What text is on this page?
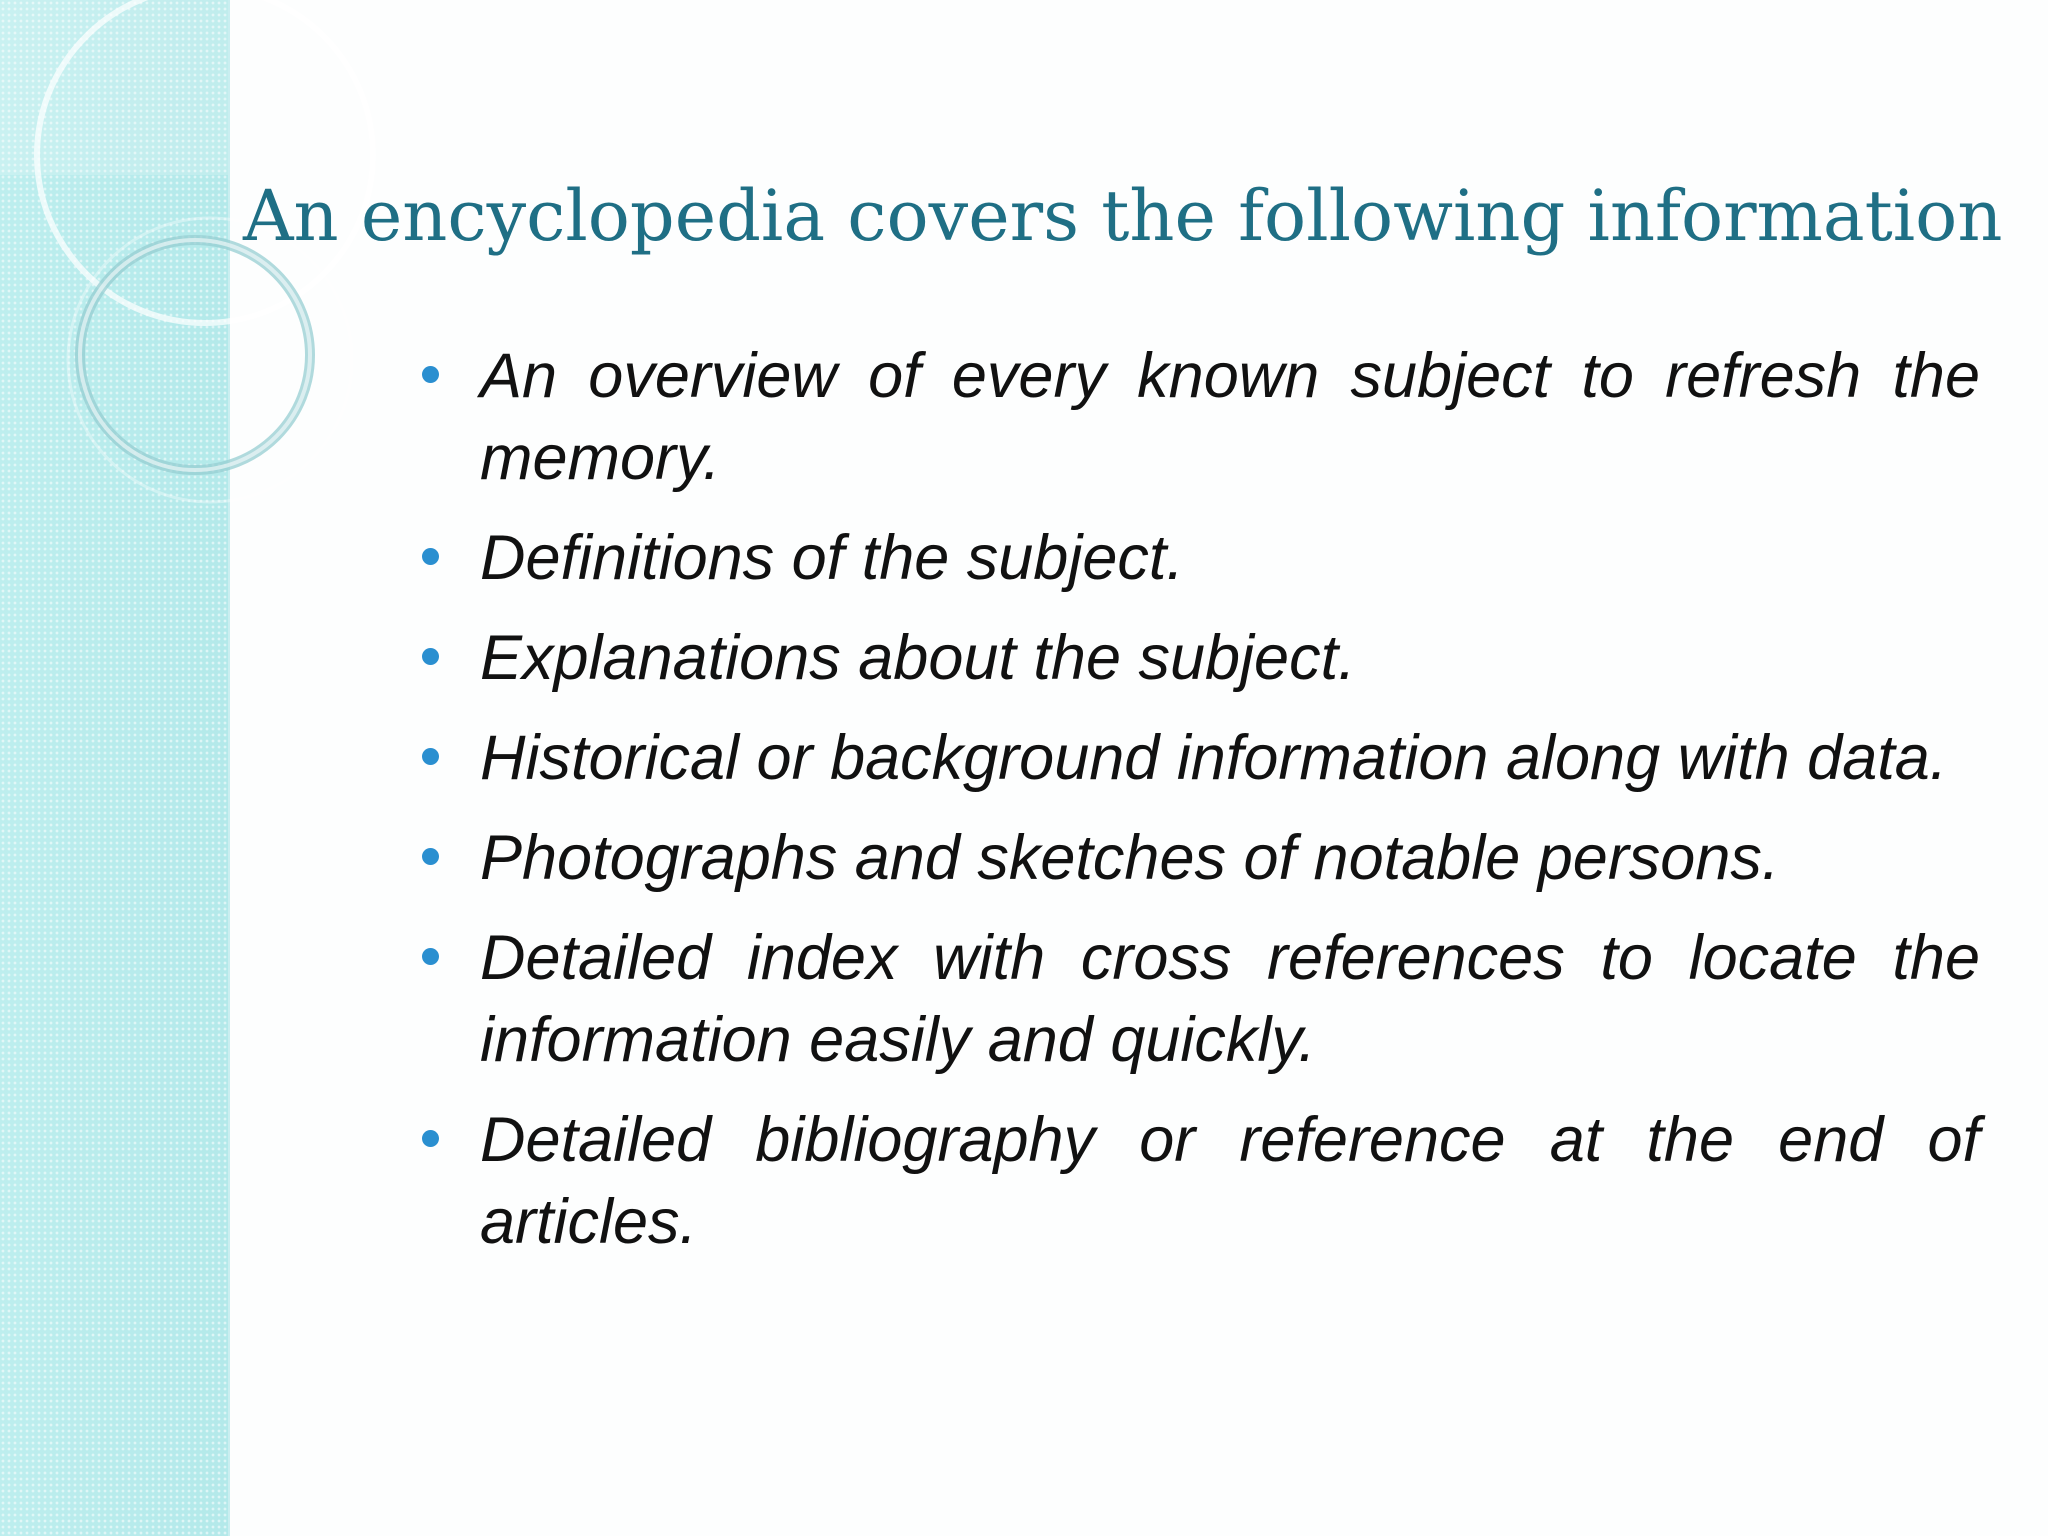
An encyclopedia covers the following information
An overview of every known subject to refresh the memory.
Definitions of the subject.
Explanations about the subject.
Historical or background information along with data.
Photographs and sketches of notable persons.
Detailed index with cross references to locate the information easily and quickly.
Detailed bibliography or reference at the end of articles.
